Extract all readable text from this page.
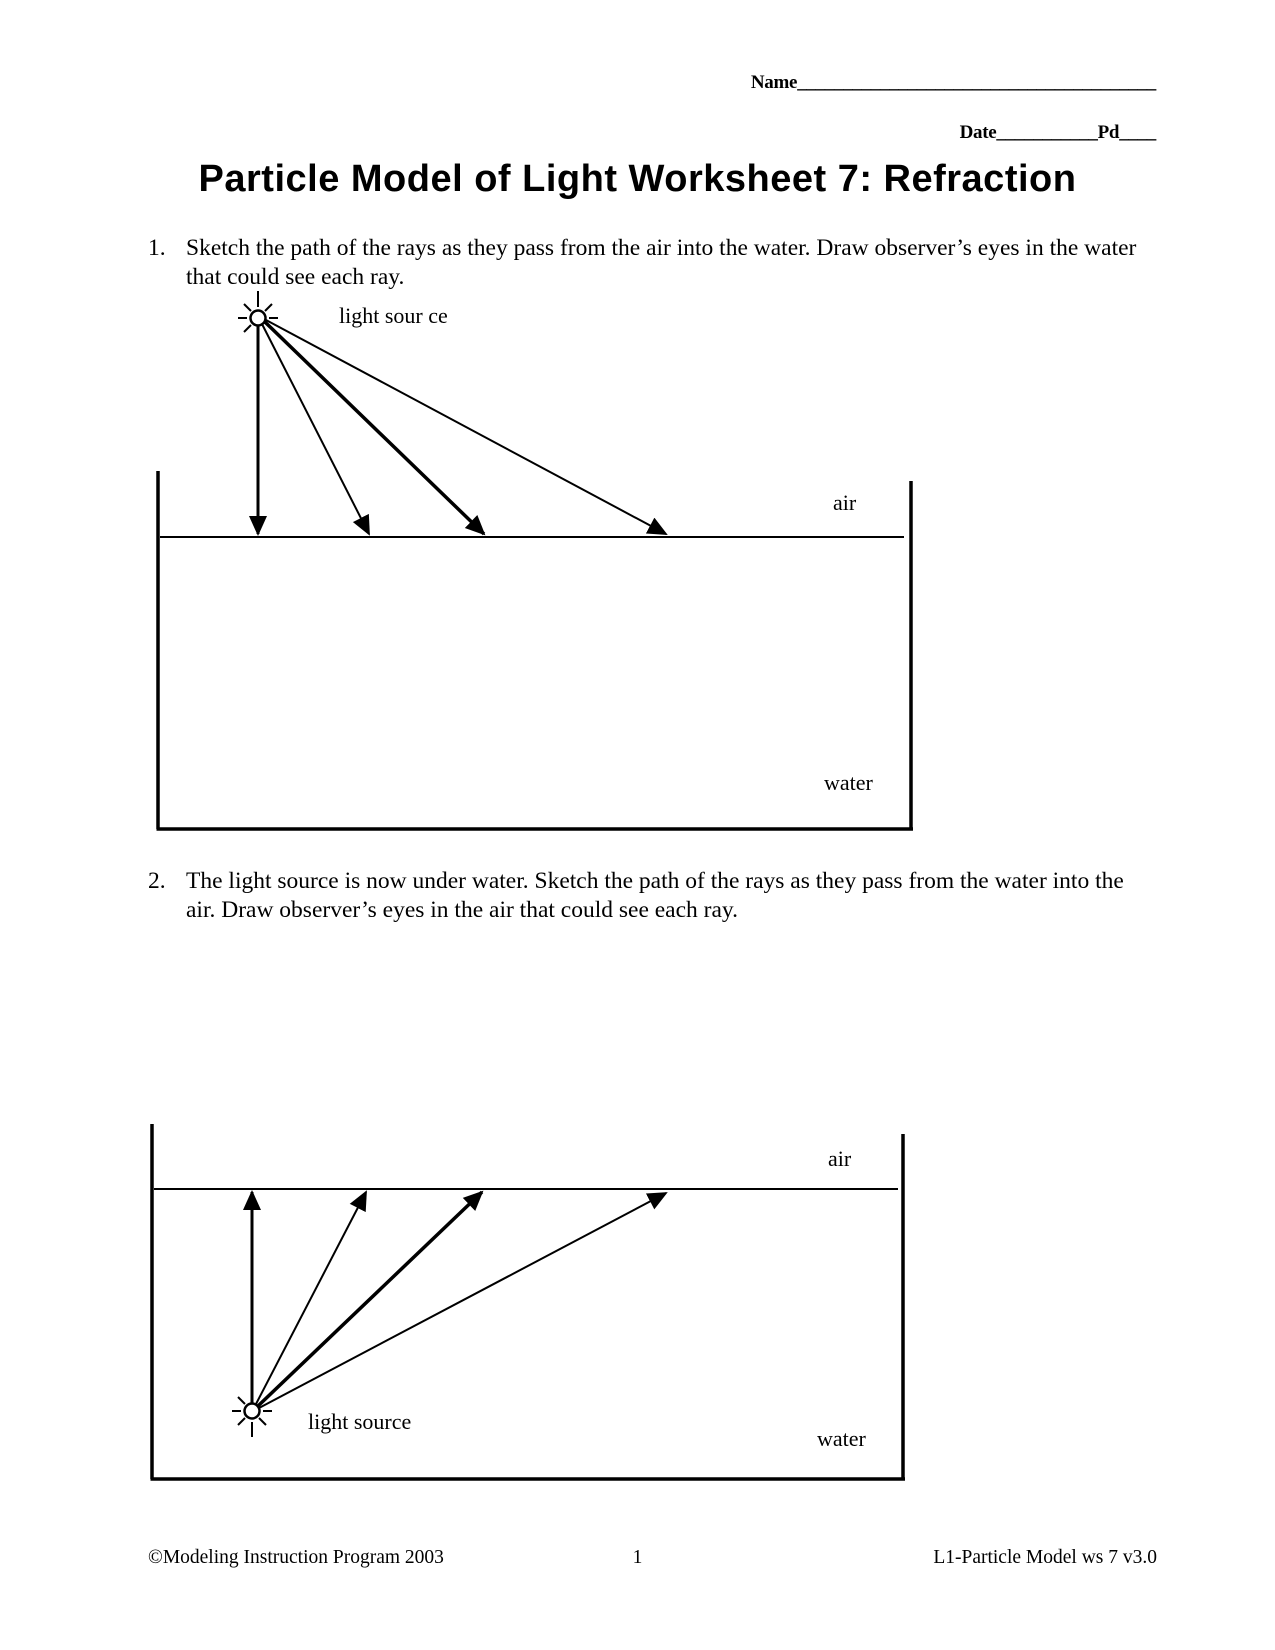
Name_______________________________________
Date___________Pd____
Particle Model of Light Worksheet 7: Refraction
1. Sketch the path of the rays as they pass from the air into the water. Draw observer’s eyes in the water that could see each ray.
2. The light source is now under water. Sketch the path of the rays as they pass from the water into the air. Draw observer’s eyes in the air that could see each ray.
light sour ce
air
water
air
light source
water
©Modeling Instruction Program 2003	1	L1-Particle Model ws 7 v3.0
